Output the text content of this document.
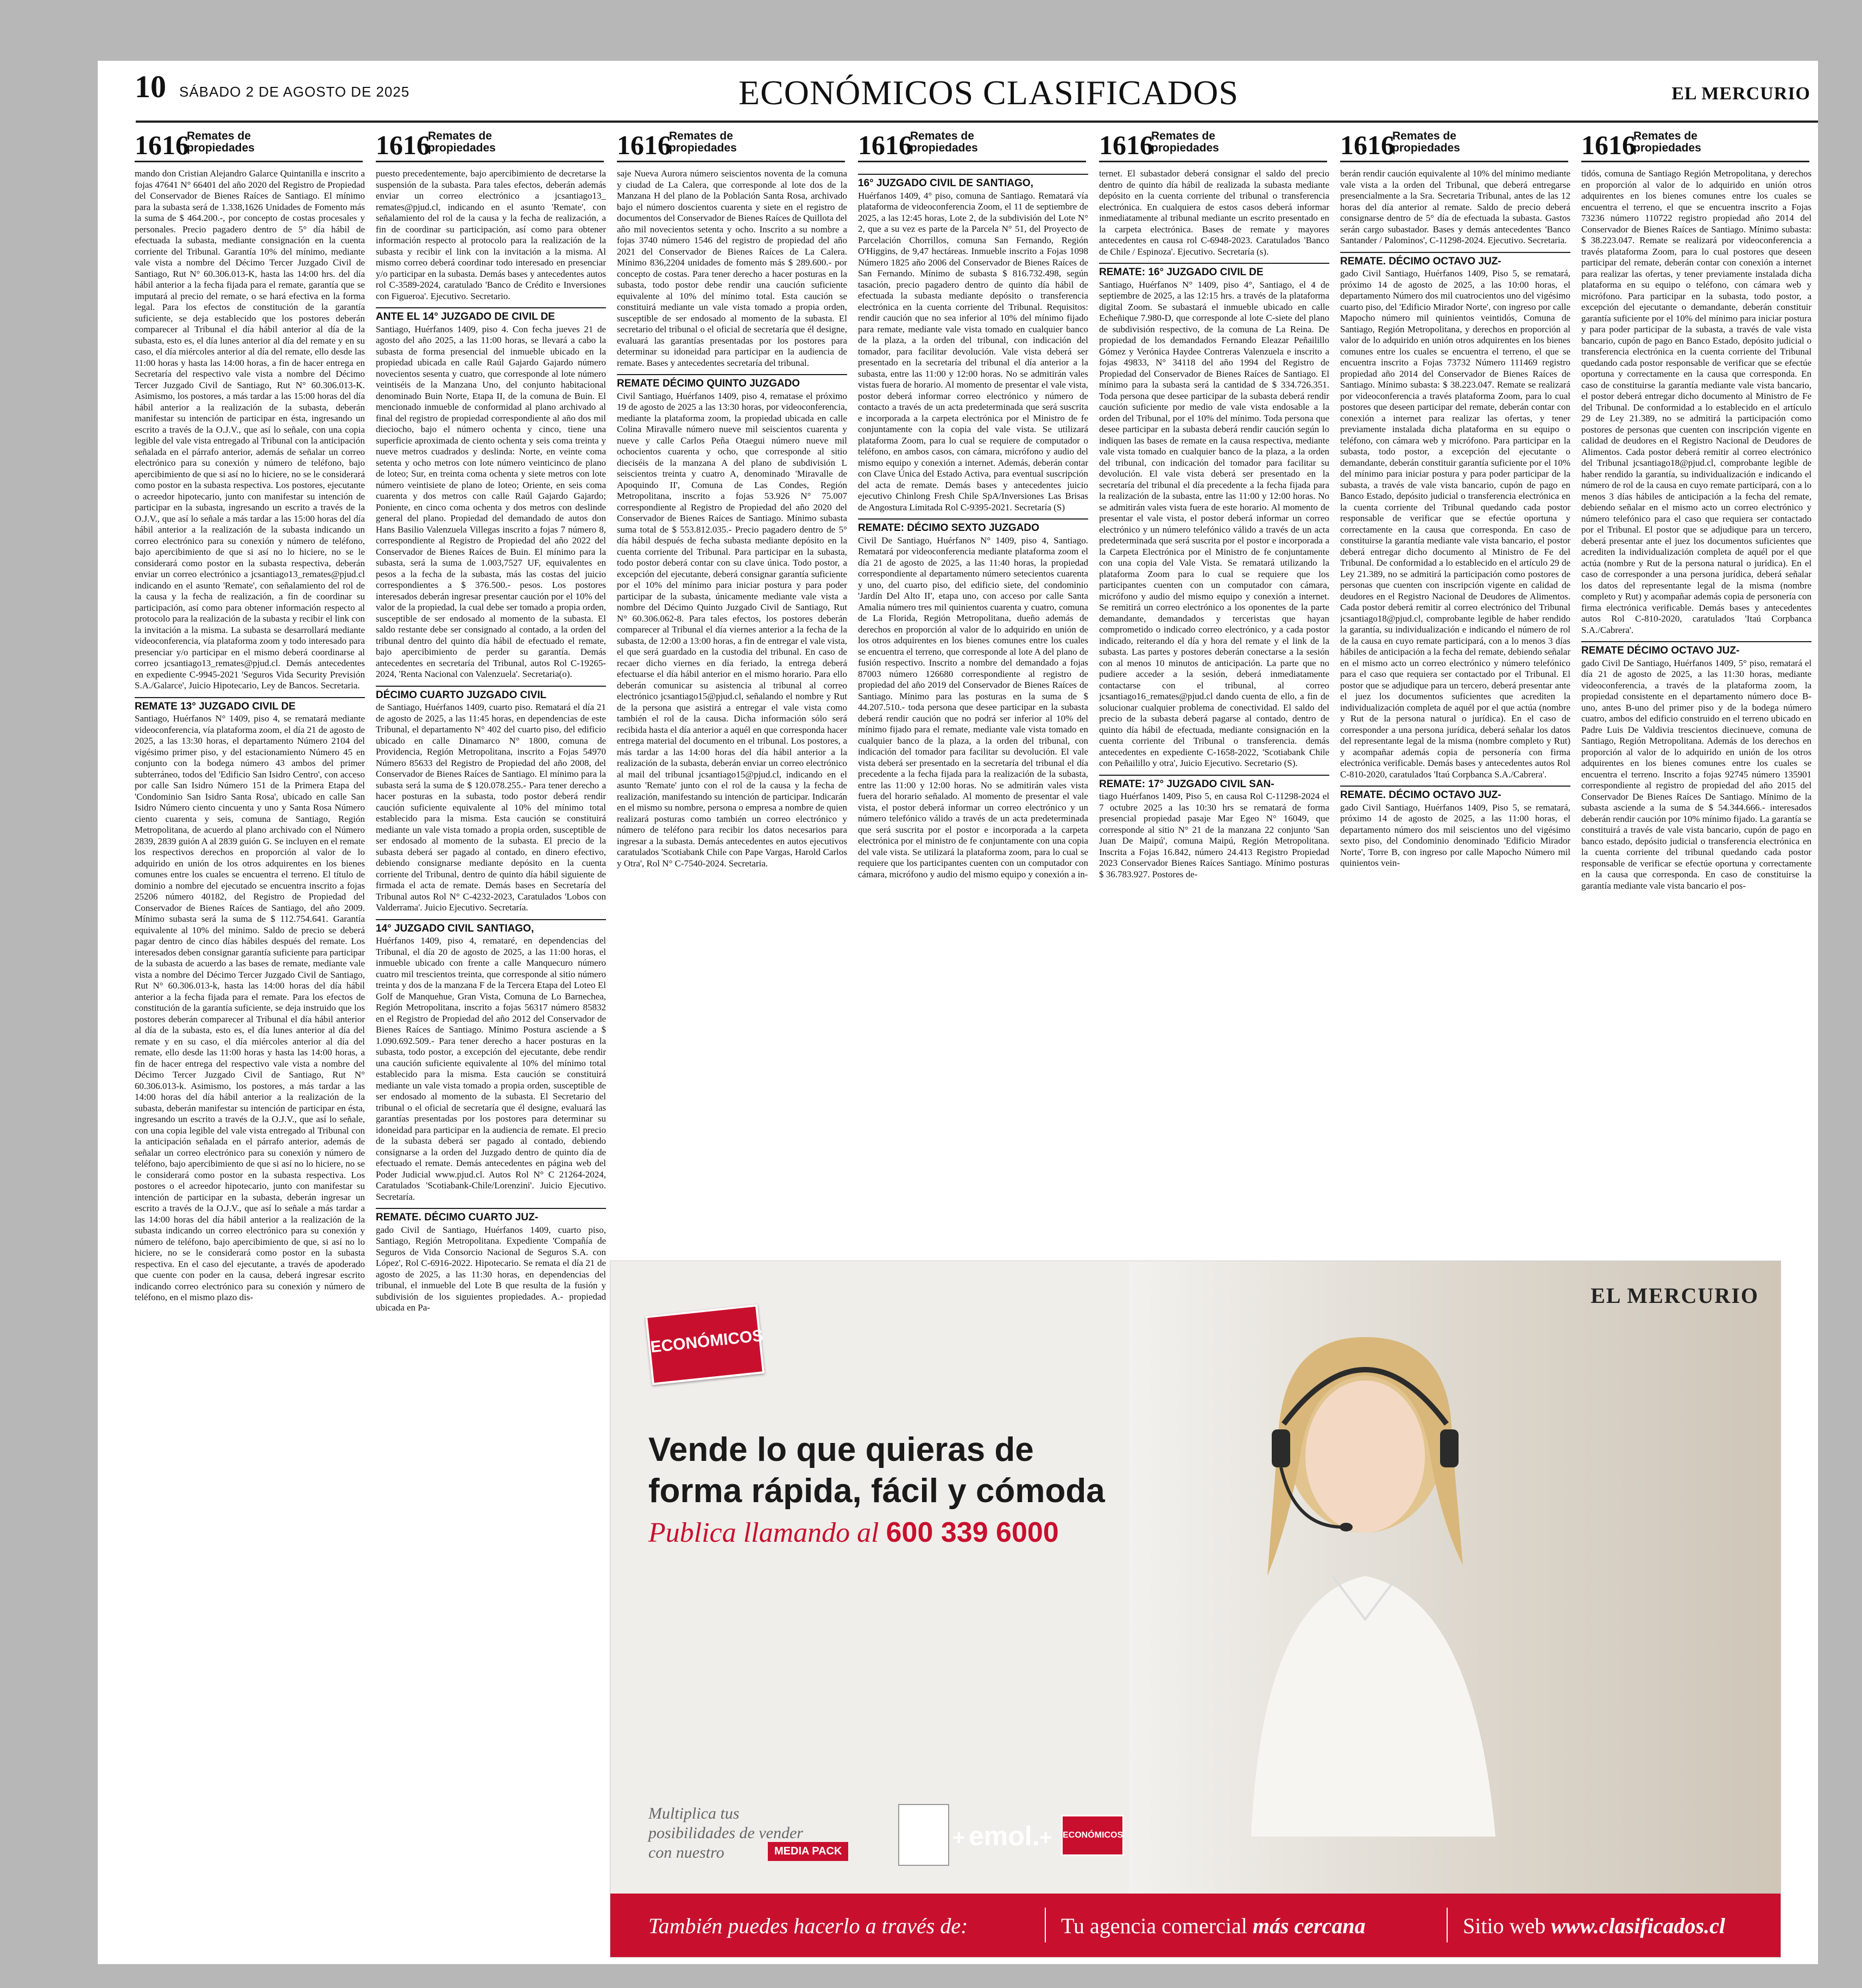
10 SÁBADO 2 DE AGOSTO DE 2025	ECONÓMICOS CLASIFICADOS	EL MERCURIO
1616
Remates de propiedades

mando don Cristian Alejandro Galarce Quintanilla e inscrito a fojas 47641 N° 66401 del año 2020 del Registro de Propiedad del Conservador de Bienes Raíces de Santiago. El mínimo para la subasta será de 1.338,1626 Unidades de Fomento más la suma de $ 464.200.-, por concepto de costas procesales y personales. Precio pagadero dentro de 5° día hábil de efectuada la subasta, mediante consignación en la cuenta corriente del Tribunal. Garantía 10% del mínimo, mediante vale vista a nombre del Décimo Tercer Juzgado Civil de Santiago, Rut N° 60.306.013-K, hasta las 14:00 hrs. del día hábil anterior a la fecha fijada para el remate, garantía que se imputará al precio del remate, o se hará efectiva en la forma legal. Para los efectos de constitución de la garantía suficiente, se deja establecido que los postores deberán comparecer al Tribunal el día hábil anterior al día de la subasta, esto es, el día lunes anterior al día del remate y en su caso, el día miércoles anterior al día del remate, ello desde las 11:00 horas y hasta las 14:00 horas, a fin de hacer entrega en Secretaría del respectivo vale vista a nombre del Décimo Tercer Juzgado Civil de Santiago, Rut N° 60.306.013-K. Asimismo, los postores, a más tardar a las 15:00 horas del día hábil anterior a la realización de la subasta, deberán manifestar su intención de participar en ésta, ingresando un escrito a través de la O.J.V., que así lo señale, con una copia legible del vale vista entregado al Tribunal con la anticipación señalada en el párrafo anterior, además de señalar un correo electrónico para su conexión y número de teléfono, bajo apercibimiento de que si así no lo hiciere, no se le considerará como postor en la subasta respectiva. Los postores, ejecutante o acreedor hipotecario, junto con manifestar su intención de participar en la subasta, ingresando un escrito a través de la O.J.V., que así lo señale a más tardar a las 15:00 horas del día hábil anterior a la realización de la subasta indicando un correo electrónico para su conexión y número de teléfono, bajo apercibimiento de que si así no lo hiciere, no se le considerará como postor en la subasta respectiva, deberán enviar un correo electrónico a jcsantiago13_remates@pjud.cl indicando en el asunto 'Remate', con señalamiento del rol de la causa y la fecha de realización, a fin de coordinar su participación, así como para obtener información respecto al protocolo para la realización de la subasta y recibir el link con la invitación a la misma. La subasta se desarrollará mediante videoconferencia, vía plataforma zoom y todo interesado para presenciar y/o participar en el mismo deberá coordinarse al correo jcsantiago13_remates@pjud.cl. Demás antecedentes en expediente C-9945-2021 'Seguros Vida Security Previsión S.A./Galarce', Juicio Hipotecario, Ley de Bancos. Secretaria.

REMATE 13° JUZGADO CIVIL DE

Santiago, Huérfanos N° 1409, piso 4, se rematará mediante videoconferencia, vía plataforma zoom, el día 21 de agosto de 2025, a las 13:30 horas, el departamento Número 2104 del vigésimo primer piso, y del estacionamiento Número 45 en conjunto con la bodega número 43 ambos del primer subterráneo, todos del 'Edificio San Isidro Centro', con acceso por calle San Isidro Número 151 de la Primera Etapa del 'Condominio San Isidro Santa Rosa', ubicado en calle San Isidro Número ciento cincuenta y uno y Santa Rosa Número ciento cuarenta y seis, comuna de Santiago, Región Metropolitana, de acuerdo al plano archivado con el Número 2839, 2839 guión A al 2839 guión G. Se incluyen en el remate los respectivos derechos en proporción al valor de lo adquirido en unión de los otros adquirentes en los bienes comunes entre los cuales se encuentra el terreno. El título de dominio a nombre del ejecutado se encuentra inscrito a fojas 25206 número 40182, del Registro de Propiedad del Conservador de Bienes Raíces de Santiago, del año 2009. Mínimo subasta será la suma de $ 112.754.641. Garantía equivalente al 10% del mínimo. Saldo de precio se deberá pagar dentro de cinco días hábiles después del remate. Los interesados deben consignar garantía suficiente para participar de la subasta de acuerdo a las bases de remate, mediante vale vista a nombre del Décimo Tercer Juzgado Civil de Santiago, Rut N° 60.306.013-k, hasta las 14:00 horas del día hábil anterior a la fecha fijada para el remate. Para los efectos de constitución de la garantía suficiente, se deja instruido que los postores deberán comparecer al Tribunal el día hábil anterior al día de la subasta, esto es, el día lunes anterior al día del remate y en su caso, el día miércoles anterior al día del remate, ello desde las 11:00 horas y hasta las 14:00 horas, a fin de hacer entrega del respectivo vale vista a nombre del Décimo Tercer Juzgado Civil de Santiago, Rut N° 60.306.013-k. Asimismo, los postores, a más tardar a las 14:00 horas del día hábil anterior a la realización de la subasta, deberán manifestar su intención de participar en ésta, ingresando un escrito a través de la O.J.V., que así lo señale, con una copia legible del vale vista entregado al Tribunal con la anticipación señalada en el párrafo anterior, además de señalar un correo electrónico para su conexión y número de teléfono, bajo apercibimiento de que si así no lo hiciere, no se le considerará como postor en la subasta respectiva. Los postores o el acreedor hipotecario, junto con manifestar su intención de participar en la subasta, deberán ingresar un escrito a través de la O.J.V., que así lo señale a más tardar a las 14:00 horas del día hábil anterior a la realización de la subasta indicando un correo electrónico para su conexión y número de teléfono, bajo apercibimiento de que, si así no lo hiciere, no se le considerará como postor en la subasta respectiva. En el caso del ejecutante, a través de apoderado que cuente con poder en la causa, deberá ingresar escrito indicando correo electrónico para su conexión y número de teléfono, en el mismo plazo dis-

1616
Remates de propiedades

puesto precedentemente, bajo apercibimiento de decretarse la suspensión de la subasta. Para tales efectos, deberán además enviar un correo electrónico a jcsantiago13_ remates@pjud.cl, indicando en el asunto 'Remate', con señalamiento del rol de la causa y la fecha de realización, a fin de coordinar su participación, así como para obtener información respecto al protocolo para la realización de la subasta y recibir el link con la invitación a la misma. Al mismo correo deberá coordinar todo interesado en presenciar y/o participar en la subasta. Demás bases y antecedentes autos rol C-3589-2024, caratulado 'Banco de Crédito e Inversiones con Figueroa'. Ejecutivo. Secretario.

ANTE EL 14° JUZGADO DE CIVIL DE

Santiago, Huérfanos 1409, piso 4. Con fecha jueves 21 de agosto del año 2025, a las 11:00 horas, se llevará a cabo la subasta de forma presencial del inmueble ubicado en la propiedad ubicada en calle Raúl Gajardo Gajardo número novecientos sesenta y cuatro, que corresponde al lote número veintiséis de la Manzana Uno, del conjunto habitacional denominado Buin Norte, Etapa II, de la comuna de Buin. El mencionado inmueble de conformidad al plano archivado al final del registro de propiedad correspondiente al año dos mil dieciocho, bajo el número ochenta y cinco, tiene una superficie aproximada de ciento ochenta y seis coma treinta y nueve metros cuadrados y deslinda: Norte, en veinte coma setenta y ocho metros con lote número veinticinco de plano de loteo; Sur, en treinta coma ochenta y siete metros con lote número veintisiete de plano de loteo; Oriente, en seis coma cuarenta y dos metros con calle Raúl Gajardo Gajardo; Poniente, en cinco coma ochenta y dos metros con deslinde general del plano. Propiedad del demandado de autos don Hans Basilio Valenzuela Villegas inscrito a fojas 7 número 8, correspondiente al Registro de Propiedad del año 2022 del Conservador de Bienes Raíces de Buin. El mínimo para la subasta, será la suma de 1.003,7527 UF, equivalentes en pesos a la fecha de la subasta, más las costas del juicio correspondientes a $ 376.500.- pesos. Los postores interesados deberán ingresar presentar caución por el 10% del valor de la propiedad, la cual debe ser tomado a propia orden, susceptible de ser endosado al momento de la subasta. El saldo restante debe ser consignado al contado, a la orden del tribunal dentro del quinto día hábil de efectuado el remate, bajo apercibimiento de perder su garantía. Demás antecedentes en secretaría del Tribunal, autos Rol C-19265-2024, 'Renta Nacional con Valenzuela'. Secretaria(o).

DÉCIMO CUARTO JUZGADO CIVIL

de Santiago, Huérfanos 1409, cuarto piso. Rematará el día 21 de agosto de 2025, a las 11:45 horas, en dependencias de este Tribunal, el departamento N° 402 del cuarto piso, del edificio ubicado en calle Dinamarco N° 1800, comuna de Providencia, Región Metropolitana, inscrito a Fojas 54970 Número 85633 del Registro de Propiedad del año 2008, del Conservador de Bienes Raíces de Santiago. El mínimo para la subasta será la suma de $ 120.078.255.- Para tener derecho a hacer posturas en la subasta, todo postor deberá rendir caución suficiente equivalente al 10% del mínimo total establecido para la misma. Esta caución se constituirá mediante un vale vista tomado a propia orden, susceptible de ser endosado al momento de la subasta. El precio de la subasta deberá ser pagado al contado, en dinero efectivo, debiendo consignarse mediante depósito en la cuenta corriente del Tribunal, dentro de quinto día hábil siguiente de firmada el acta de remate. Demás bases en Secretaría del Tribunal autos Rol N° C-4232-2023, Caratulados 'Lobos con Valderrama'. Juicio Ejecutivo. Secretaría.

14° JUZGADO CIVIL SANTIAGO,

Huérfanos 1409, piso 4, remataré, en dependencias del Tribunal, el día 20 de agosto de 2025, a las 11:00 horas, el inmueble ubicado con frente a calle Manquecuro número cuatro mil trescientos treinta, que corresponde al sitio número treinta y dos de la manzana F de la Tercera Etapa del Loteo El Golf de Manquehue, Gran Vista, Comuna de Lo Barnechea, Región Metropolitana, inscrito a fojas 56317 número 85832 en el Registro de Propiedad del año 2012 del Conservador de Bienes Raíces de Santiago. Mínimo Postura asciende a $ 1.090.692.509.- Para tener derecho a hacer posturas en la subasta, todo postor, a excepción del ejecutante, debe rendir una caución suficiente equivalente al 10% del mínimo total establecido para la misma. Esta caución se constituirá mediante un vale vista tomado a propia orden, susceptible de ser endosado al momento de la subasta. El Secretario del tribunal o el oficial de secretaría que él designe, evaluará las garantías presentadas por los postores para determinar su idoneidad para participar en la audiencia de remate. El precio de la subasta deberá ser pagado al contado, debiendo consignarse a la orden del Juzgado dentro de quinto día de efectuado el remate. Demás antecedentes en página web del Poder Judicial www.pjud.cl. Autos Rol N° C 21264-2024, Caratulados 'Scotiabank-Chile/Lorenzini'. Juicio Ejecutivo. Secretaría.

REMATE. DÉCIMO CUARTO JUZ-

gado Civil de Santiago, Huérfanos 1409, cuarto piso, Santiago, Región Metropolitana. Expediente 'Compañía de Seguros de Vida Consorcio Nacional de Seguros S.A. con López', Rol C-6916-2022. Hipotecario. Se remata el día 21 de agosto de 2025, a las 11:30 horas, en dependencias del tribunal, el inmueble del Lote B que resulta de la fusión y subdivisión de los siguientes propiedades. A.- propiedad ubicada en Pa-

1616
Remates de propiedades

saje Nueva Aurora número seiscientos noventa de la comuna y ciudad de La Calera, que corresponde al lote dos de la Manzana H del plano de la Población Santa Rosa, archivado bajo el número doscientos cuarenta y siete en el registro de documentos del Conservador de Bienes Raíces de Quillota del año mil novecientos setenta y ocho. Inscrito a su nombre a fojas 3740 número 1546 del registro de propiedad del año 2021 del Conservador de Bienes Raíces de La Calera. Mínimo 836,2204 unidades de fomento más $ 289.600.- por concepto de costas. Para tener derecho a hacer posturas en la subasta, todo postor debe rendir una caución suficiente equivalente al 10% del mínimo total. Esta caución se constituirá mediante un vale vista tomado a propia orden, susceptible de ser endosado al momento de la subasta. El secretario del tribunal o el oficial de secretaría que él designe, evaluará las garantías presentadas por los postores para determinar su idoneidad para participar en la audiencia de remate. Bases y antecedentes secretaría del tribunal.

REMATE DÉCIMO QUINTO JUZGADO

Civil Santiago, Huérfanos 1409, piso 4, rematase el próximo 19 de agosto de 2025 a las 13:30 horas, por videoconferencia, mediante la plataforma zoom, la propiedad ubicada en calle Colina Miravalle número nueve mil seiscientos cuarenta y nueve y calle Carlos Peña Otaegui número nueve mil ochocientos cuarenta y ocho, que corresponde al sitio dieciséis de la manzana A del plano de subdivisión L seiscientos treinta y cuatro A, denominado 'Miravalle de Apoquindo II', Comuna de Las Condes, Región Metropolitana, inscrito a fojas 53.926 N° 75.007 correspondiente al Registro de Propiedad del año 2020 del Conservador de Bienes Raíces de Santiago. Mínimo subasta suma total de $ 553.812.035.- Precio pagadero dentro de 5° día hábil después de fecha subasta mediante depósito en la cuenta corriente del Tribunal. Para participar en la subasta, todo postor deberá contar con su clave única. Todo postor, a excepción del ejecutante, deberá consignar garantía suficiente por el 10% del mínimo para iniciar postura y para poder participar de la subasta, únicamente mediante vale vista a nombre del Décimo Quinto Juzgado Civil de Santiago, Rut N° 60.306.062-8. Para tales efectos, los postores deberán comparecer al Tribunal el día viernes anterior a la fecha de la subasta, de 12:00 a 13:00 horas, a fin de entregar el vale vista, el que será guardado en la custodia del tribunal. En caso de recaer dicho viernes en día feriado, la entrega deberá efectuarse el día hábil anterior en el mismo horario. Para ello deberán comunicar su asistencia al tribunal al correo electrónico jcsantiago15@pjud.cl, señalando el nombre y Rut de la persona que asistirá a entregar el vale vista como también el rol de la causa. Dicha información sólo será recibida hasta el día anterior a aquél en que corresponda hacer entrega material del documento en el tribunal. Los postores, a más tardar a las 14:00 horas del día hábil anterior a la realización de la subasta, deberán enviar un correo electrónico al mail del tribunal jcsantiago15@pjud.cl, indicando en el asunto 'Remate' junto con el rol de la causa y la fecha de realización, manifestando su intención de participar. Indicarán en el mismo su nombre, persona o empresa a nombre de quien realizará posturas como también un correo electrónico y número de teléfono para recibir los datos necesarios para ingresar a la subasta. Demás antecedentes en autos ejecutivos caratulados 'Scotiabank Chile con Pape Vargas, Harold Carlos y Otra', Rol N° C-7540-2024. Secretaria.

1616
Remates de propiedades
16° JUZGADO CIVIL DE SANTIAGO,

Huérfanos 1409, 4° piso, comuna de Santiago. Rematará vía plataforma de videoconferencia Zoom, el 11 de septiembre de 2025, a las 12:45 horas, Lote 2, de la subdivisión del Lote N° 2, que a su vez es parte de la Parcela N° 51, del Proyecto de Parcelación Chorrillos, comuna San Fernando, Región O'Higgins, de 9,47 hectáreas. Inmueble inscrito a Fojas 1098 Número 1825 año 2006 del Conservador de Bienes Raíces de San Fernando. Mínimo de subasta $ 816.732.498, según tasación, precio pagadero dentro de quinto día hábil de efectuada la subasta mediante depósito o transferencia electrónica en la cuenta corriente del Tribunal. Requisitos: rendir caución que no sea inferior al 10% del mínimo fijado para remate, mediante vale vista tomado en cualquier banco de la plaza, a la orden del tribunal, con indicación del tomador, para facilitar devolución. Vale vista deberá ser presentado en la secretaría del tribunal el día anterior a la subasta, entre las 11:00 y 12:00 horas. No se admitirán vales vistas fuera de horario. Al momento de presentar el vale vista, postor deberá informar correo electrónico y número de contacto a través de un acta predeterminada que será suscrita e incorporada a la carpeta electrónica por el Ministro de fe conjuntamente con la copia del vale vista. Se utilizará plataforma Zoom, para lo cual se requiere de computador o teléfono, en ambos casos, con cámara, micrófono y audio del mismo equipo y conexión a internet. Además, deberán contar con Clave Única del Estado Activa, para eventual suscripción del acta de remate. Demás bases y antecedentes juicio ejecutivo Chinlong Fresh Chile SpA/Inversiones Las Brisas de Angostura Limitada Rol C-9395-2021. Secretaría (S)

REMATE: DÉCIMO SEXTO JUZGADO

Civil De Santiago, Huérfanos N° 1409, piso 4, Santiago. Rematará por videoconferencia mediante plataforma zoom el día 21 de agosto de 2025, a las 11:40 horas, la propiedad correspondiente al departamento número setecientos cuarenta y uno, del cuarto piso, del edificio siete, del condominio 'Jardín Del Alto II', etapa uno, con acceso por calle Santa Amalia número tres mil quinientos cuarenta y cuatro, comuna de La Florida, Región Metropolitana, dueño además de derechos en proporción al valor de lo adquirido en unión de los otros adquirentes en los bienes comunes entre los cuales se encuentra el terreno, que corresponde al lote A del plano de fusión respectivo. Inscrito a nombre del demandado a fojas 87003 número 126680 correspondiente al registro de propiedad del año 2019 del Conservador de Bienes Raíces de Santiago. Mínimo para las posturas en la suma de $ 44.207.510.- toda persona que desee participar en la subasta deberá rendir caución que no podrá ser inferior al 10% del mínimo fijado para el remate, mediante vale vista tomado en cualquier banco de la plaza, a la orden del tribunal, con indicación del tomador para facilitar su devolución. El vale vista deberá ser presentado en la secretaría del tribunal el día precedente a la fecha fijada para la realización de la subasta, entre las 11:00 y 12:00 horas. No se admitirán vales vista fuera del horario señalado. Al momento de presentar el vale vista, el postor deberá informar un correo electrónico y un número telefónico válido a través de un acta predeterminada que será suscrita por el postor e incorporada a la carpeta electrónica por el ministro de fe conjuntamente con una copia del vale vista. Se utilizará la plataforma zoom, para lo cual se requiere que los participantes cuenten con un computador con cámara, micrófono y audio del mismo equipo y conexión a in-

1616
Remates de propiedades

ternet. El subastador deberá consignar el saldo del precio dentro de quinto día hábil de realizada la subasta mediante depósito en la cuenta corriente del tribunal o transferencia electrónica. En cualquiera de estos casos deberá informar inmediatamente al tribunal mediante un escrito presentado en la carpeta electrónica. Bases de remate y mayores antecedentes en causa rol C-6948-2023. Caratulados 'Banco de Chile / Espinoza'. Ejecutivo. Secretaría (s).

REMATE: 16° JUZGADO CIVIL DE

Santiago, Huérfanos N° 1409, piso 4°, Santiago, el 4 de septiembre de 2025, a las 12:15 hrs. a través de la plataforma digital Zoom. Se subastará el inmueble ubicado en calle Echeñique 7.980-D, que corresponde al lote C-siete del plano de subdivisión respectivo, de la comuna de La Reina. De propiedad de los demandados Fernando Eleazar Peñailillo Gómez y Verónica Haydee Contreras Valenzuela e inscrito a fojas 49833, N° 34118 del año 1994 del Registro de Propiedad del Conservador de Bienes Raíces de Santiago. El mínimo para la subasta será la cantidad de $ 334.726.351. Toda persona que desee participar de la subasta deberá rendir caución suficiente por medio de vale vista endosable a la orden del Tribunal, por el 10% del mínimo. Toda persona que desee participar en la subasta deberá rendir caución según lo indiquen las bases de remate en la causa respectiva, mediante vale vista tomado en cualquier banco de la plaza, a la orden del tribunal, con indicación del tomador para facilitar su devolución. El vale vista deberá ser presentado en la secretaría del tribunal el día precedente a la fecha fijada para la realización de la subasta, entre las 11:00 y 12:00 horas. No se admitirán vales vista fuera de este horario. Al momento de presentar el vale vista, el postor deberá informar un correo electrónico y un número telefónico válido a través de un acta predeterminada que será suscrita por el postor e incorporada a la Carpeta Electrónica por el Ministro de fe conjuntamente con una copia del Vale Vista. Se rematará utilizando la plataforma Zoom para lo cual se requiere que los participantes cuenten con un computador con cámara, micrófono y audio del mismo equipo y conexión a internet. Se remitirá un correo electrónico a los oponentes de la parte demandante, demandados y terceristas que hayan comprometido o indicado correo electrónico, y a cada postor indicado, reiterando el día y hora del remate y el link de la subasta. Las partes y postores deberán conectarse a la sesión con al menos 10 minutos de anticipación. La parte que no pudiere acceder a la sesión, deberá inmediatamente contactarse con el tribunal, al correo jcsantiago16_remates@pjud.cl dando cuenta de ello, a fin de solucionar cualquier problema de conectividad. El saldo del precio de la subasta deberá pagarse al contado, dentro de quinto día hábil de efectuada, mediante consignación en la cuenta corriente del Tribunal o transferencia. demás antecedentes en expediente C-1658-2022, 'Scotiabank Chile con Peñailillo y otra', Juicio Ejecutivo. Secretario (S).

REMATE: 17° JUZGADO CIVIL SAN-

tiago Huérfanos 1409, Piso 5, en causa Rol C-11298-2024 el 7 octubre 2025 a las 10:30 hrs se rematará de forma presencial propiedad pasaje Mar Egeo N° 16049, que corresponde al sitio N° 21 de la manzana 22 conjunto 'San Juan De Maipú', comuna Maipú, Región Metropolitana. Inscrita a Fojas 16.842, número 24.413 Registro Propiedad 2023 Conservador Bienes Raíces Santiago. Mínimo posturas $ 36.783.927. Postores de-

1616
Remates de propiedades

berán rendir caución equivalente al 10% del mínimo mediante vale vista a la orden del Tribunal, que deberá entregarse presencialmente a la Sra. Secretaria Tribunal, antes de las 12 horas del día anterior al remate. Saldo de precio deberá consignarse dentro de 5° día de efectuada la subasta. Gastos serán cargo subastador. Bases y demás antecedentes 'Banco Santander / Palominos', C-11298-2024. Ejecutivo. Secretaria.

REMATE. DÉCIMO OCTAVO JUZ-

gado Civil Santiago, Huérfanos 1409, Piso 5, se rematará, próximo 14 de agosto de 2025, a las 10:00 horas, el departamento Número dos mil cuatrocientos uno del vigésimo cuarto piso, del 'Edificio Mirador Norte', con ingreso por calle Mapocho número mil quinientos veintidós, Comuna de Santiago, Región Metropolitana, y derechos en proporción al valor de lo adquirido en unión otros adquirentes en los bienes comunes entre los cuales se encuentra el terreno, el que se encuentra inscrito a Fojas 73732 Número 111469 registro propiedad año 2014 del Conservador de Bienes Raíces de Santiago. Mínimo subasta: $ 38.223.047. Remate se realizará por videoconferencia a través plataforma Zoom, para lo cual postores que deseen participar del remate, deberán contar con conexión a internet para realizar las ofertas, y tener previamente instalada dicha plataforma en su equipo o teléfono, con cámara web y micrófono. Para participar en la subasta, todo postor, a excepción del ejecutante o demandante, deberán constituir garantía suficiente por el 10% del mínimo para iniciar postura y para poder participar de la subasta, a través de vale vista bancario, cupón de pago en Banco Estado, depósito judicial o transferencia electrónica en la cuenta corriente del Tribunal quedando cada postor responsable de verificar que se efectúe oportuna y correctamente en la causa que corresponda. En caso de constituirse la garantía mediante vale vista bancario, el postor deberá entregar dicho documento al Ministro de Fe del Tribunal. De conformidad a lo establecido en el artículo 29 de Ley 21.389, no se admitirá la participación como postores de personas que cuenten con inscripción vigente en calidad de deudores en el Registro Nacional de Deudores de Alimentos. Cada postor deberá remitir al correo electrónico del Tribunal jcsantiago18@pjud.cl, comprobante legible de haber rendido la garantía, su individualización e indicando el número de rol de la causa en cuyo remate participará, con a lo menos 3 días hábiles de anticipación a la fecha del remate, debiendo señalar en el mismo acto un correo electrónico y número telefónico para el caso que requiera ser contactado por el Tribunal. El postor que se adjudique para un tercero, deberá presentar ante el juez los documentos suficientes que acrediten la individualización completa de aquél por el que actúa (nombre y Rut de la persona natural o jurídica). En el caso de corresponder a una persona jurídica, deberá señalar los datos del representante legal de la misma (nombre completo y Rut) y acompañar además copia de personería con firma electrónica verificable. Demás bases y antecedentes autos Rol C-810-2020, caratulados 'Itaú Corpbanca S.A./Cabrera'.

REMATE. DÉCIMO OCTAVO JUZ-

gado Civil Santiago, Huérfanos 1409, Piso 5, se rematará, próximo 14 de agosto de 2025, a las 11:00 horas, el departamento número dos mil seiscientos uno del vigésimo sexto piso, del Condominio denominado 'Edificio Mirador Norte', Torre B, con ingreso por calle Mapocho Número mil quinientos vein-

1616
Remates de propiedades

tidós, comuna de Santiago Región Metropolitana, y derechos en proporción al valor de lo adquirido en unión otros adquirentes en los bienes comunes entre los cuales se encuentra el terreno, el que se encuentra inscrito a Fojas 73236 número 110722 registro propiedad año 2014 del Conservador de Bienes Raíces de Santiago. Mínimo subasta: $ 38.223.047. Remate se realizará por videoconferencia a través plataforma Zoom, para lo cual postores que deseen participar del remate, deberán contar con conexión a internet para realizar las ofertas, y tener previamente instalada dicha plataforma en su equipo o teléfono, con cámara web y micrófono. Para participar en la subasta, todo postor, a excepción del ejecutante o demandante, deberán constituir garantía suficiente por el 10% del mínimo para iniciar postura y para poder participar de la subasta, a través de vale vista bancario, cupón de pago en Banco Estado, depósito judicial o transferencia electrónica en la cuenta corriente del Tribunal quedando cada postor responsable de verificar que se efectúe oportuna y correctamente en la causa que corresponda. En caso de constituirse la garantía mediante vale vista bancario, el postor deberá entregar dicho documento al Ministro de Fe del Tribunal. De conformidad a lo establecido en el artículo 29 de Ley 21.389, no se admitirá la participación como postores de personas que cuenten con inscripción vigente en calidad de deudores en el Registro Nacional de Deudores de Alimentos. Cada postor deberá remitir al correo electrónico del Tribunal jcsantiago18@pjud.cl, comprobante legible de haber rendido la garantía, su individualización e indicando el número de rol de la causa en cuyo remate participará, con a lo menos 3 días hábiles de anticipación a la fecha del remate, debiendo señalar en el mismo acto un correo electrónico y número telefónico para el caso que requiera ser contactado por el Tribunal. El postor que se adjudique para un tercero, deberá presentar ante el juez los documentos suficientes que acrediten la individualización completa de aquél por el que actúa (nombre y Rut de la persona natural o jurídica). En el caso de corresponder a una persona jurídica, deberá señalar los datos del representante legal de la misma (nombre completo y Rut) y acompañar además copia de personería con firma electrónica verificable. Demás bases y antecedentes autos Rol C-810-2020, caratulados 'Itaú Corpbanca S.A./Cabrera'.

REMATE DÉCIMO OCTAVO JUZ-

gado Civil De Santiago, Huérfanos 1409, 5° piso, rematará el día 21 de agosto de 2025, a las 11:30 horas, mediante videoconferencia, a través de la plataforma zoom, la propiedad consistente en el departamento número doce B-uno, antes B-uno del primer piso y de la bodega número cuatro, ambos del edificio construido en el terreno ubicado en Padre Luis De Valdivia trescientos diecinueve, comuna de Santiago, Región Metropolitana. Además de los derechos en proporción al valor de lo adquirido en unión de los otros adquirentes en los bienes comunes entre los cuales se encuentra el terreno. Inscrito a fojas 92745 número 135901 correspondiente al registro de propiedad del año 2015 del Conservador De Bienes Raíces De Santiago. Mínimo de la subasta asciende a la suma de $ 54.344.666.- interesados deberán rendir caución por 10% mínimo fijado. La garantía se constituirá a través de vale vista bancario, cupón de pago en banco estado, depósito judicial o transferencia electrónica en la cuenta corriente del tribunal quedando cada postor responsable de verificar se efectúe oportuna y correctamente en la causa que corresponda. En caso de constituirse la garantía mediante vale vista bancario el pos-

EL MERCURIO
ECONÓMICOS
Vende lo que quieras de
forma rápida, fácil y cómoda
Publica llamando al 600 339 6000
Multiplica tus posibilidades de vender con nuestro	MEDIA PACK
+ emol. + ECONÓMICOS
También puedes hacerlo a través de:	Tu agencia comercial más cercana	Sitio web www.clasificados.cl
